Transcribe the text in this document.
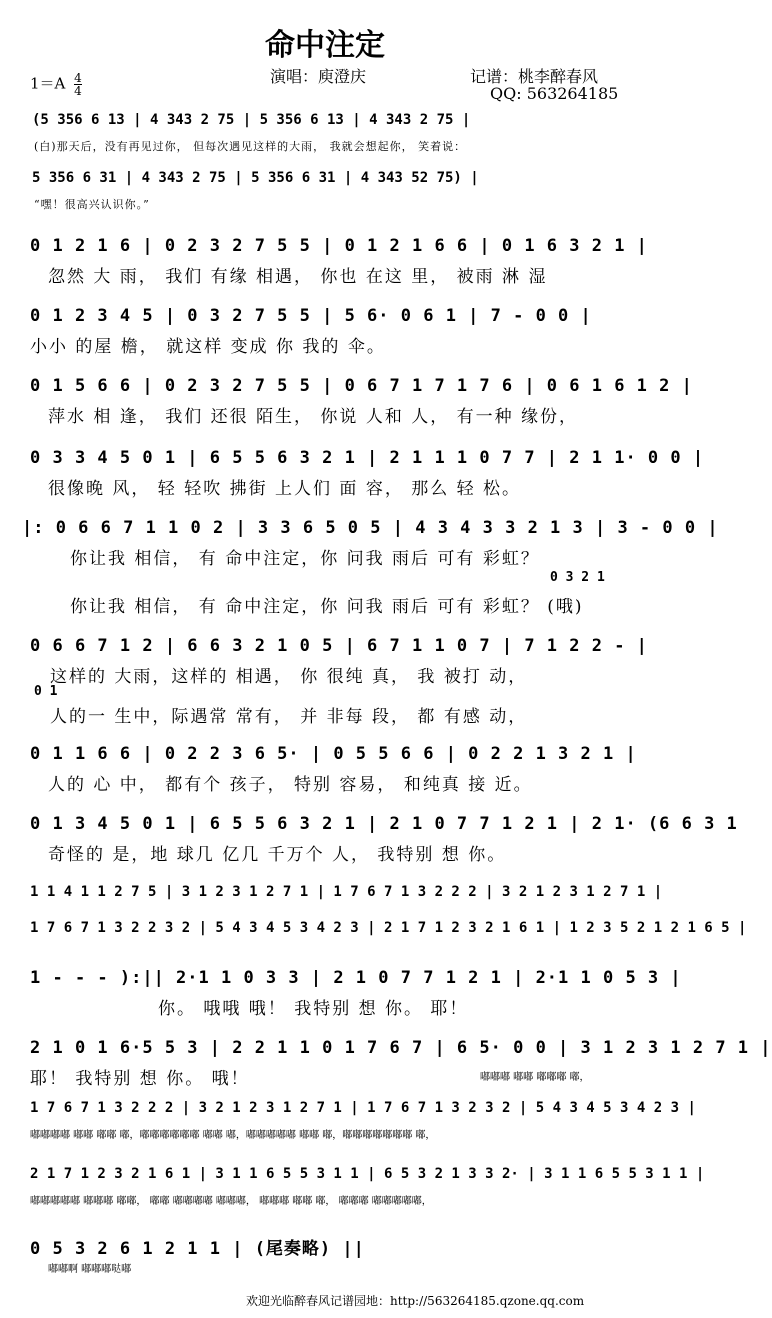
命中注定
演唱：庾澄庆	记谱：桃李醉春风
QQ: 563264185
$1=A \frac{4}{4}$
(5 356 6 13 | 4 343 2 75 | 5 356 6 13 | 4 343 2 75 |
(白)那天后，没有再见过你， 但每次遇见这样的大雨， 我就会想起你， 笑着说：
5 356 6 31 | 4 343 2 75 | 5 356 6 31 | 4 343 52 75) |
“嘿！很高兴认识你。”
0 1 2 1 6 | 0 2 3 2 7 5 5 | 0 1 2 1 6 6 | 0 1 6 3 2 1 |
忽然 大 雨， 我们 有缘 相遇， 你也 在这 里， 被雨 淋 湿
0 1 2 3 4 5 | 0 3 2 7 5 5 | 5 6· 0 6 1 | 7 - 0 0 |
小小 的屋 檐， 就这样 变成 你 我的 伞。
0 1 5 6 6 | 0 2 3 2 7 5 5 | 0 6 7 1 7 1 7 6 | 0 6 1 6 1 2 |
萍水 相 逢， 我们 还很 陌生， 你说 人和 人， 有一种 缘份，
0 3 3 4 5 0 1 | 6 5 5 6 3 2 1 | 2 1 1 1 0 7 7 | 2 1 1· 0 0 |
很像晚 风， 轻 轻吹 拂街 上人们 面 容， 那么 轻 松。
|: 0 6 6 7 1 1 0 2 | 3 3 6 5 0 5 | 4 3 4 3 3 2 1 3 | 3 - 0 0 |
你让我 相信， 有 命中注定，你 问我 雨后 可有 彩虹？
0 3 2 1
你让我 相信， 有 命中注定，你 问我 雨后 可有 彩虹？ (哦)
0 6 6 7 1 2 | 6 6 3 2 1 0 5 | 6 7 1 1 0 7 | 7 1 2 2 - |
这样的 大雨，这样的 相遇， 你 很纯 真， 我 被打 动，
0 1
人的一 生中，际遇常 常有， 并 非每 段， 都 有感 动，
0 1 1 6 6 | 0 2 2 3 6 5· | 0 5 5 6 6 | 0 2 2 1 3 2 1 |
人的 心 中， 都有个 孩子， 特别 容易， 和纯真 接 近。
0 1 3 4 5 0 1 | 6 5 5 6 3 2 1 | 2 1 0 7 7 1 2 1 | 2 1· (6 6 3 1
奇怪的 是，地 球几 亿几 千万个 人， 我特别 想 你。
1 1 4 1 1 2 7 5 | 3 1 2 3 1 2 7 1 | 1 7 6 7 1 3 2 2 2 | 3 2 1 2 3 1 2 7 1 |
1 7 6 7 1 3 2 2 3 2 | 5 4 3 4 5 3 4 2 3 | 2 1 7 1 2 3 2 1 6 1 | 1 2 3 5 2 1 2 1 6 5 |
1 - - - ):|| 2·1 1 0 3 3 | 2 1 0 7 7 1 2 1 | 2·1 1 0 5 3 |
你。 哦哦 哦！ 我特别 想 你。 耶！
2 1 0 1 6·5 5 3 | 2 2 1 1 0 1 7 6 7 | 6 5· 0 0 | 3 1 2 3 1 2 7 1 |
耶！ 我特别 想 你。 哦！	嘟嘟嘟 嘟嘟 嘟嘟嘟 嘟，
1 7 6 7 1 3 2 2 2 | 3 2 1 2 3 1 2 7 1 | 1 7 6 7 1 3 2 3 2 | 5 4 3 4 5 3 4 2 3 |
嘟嘟嘟嘟 嘟嘟 嘟嘟 嘟，嘟嘟嘟嘟嘟嘟 嘟嘟 嘟，嘟嘟嘟嘟嘟 嘟嘟 嘟，嘟嘟嘟嘟嘟嘟嘟 嘟，
2 1 7 1 2 3 2 1 6 1 | 3 1 1 6 5 5 3 1 1 | 6 5 3 2 1 3 3 2· | 3 1 1 6 5 5 3 1 1 |
嘟嘟嘟嘟嘟 嘟嘟嘟 嘟嘟， 嘟嘟 嘟嘟嘟嘟 嘟嘟嘟， 嘟嘟嘟 嘟嘟 嘟， 嘟嘟嘟 嘟嘟嘟嘟嘟，
0 5 3 2 6 1 2 1 1 | (尾奏略) ||
嘟嘟啊 嘟嘟嘟哒嘟
欢迎光临醉春风记谱园地：http://563264185.qzone.qq.com
